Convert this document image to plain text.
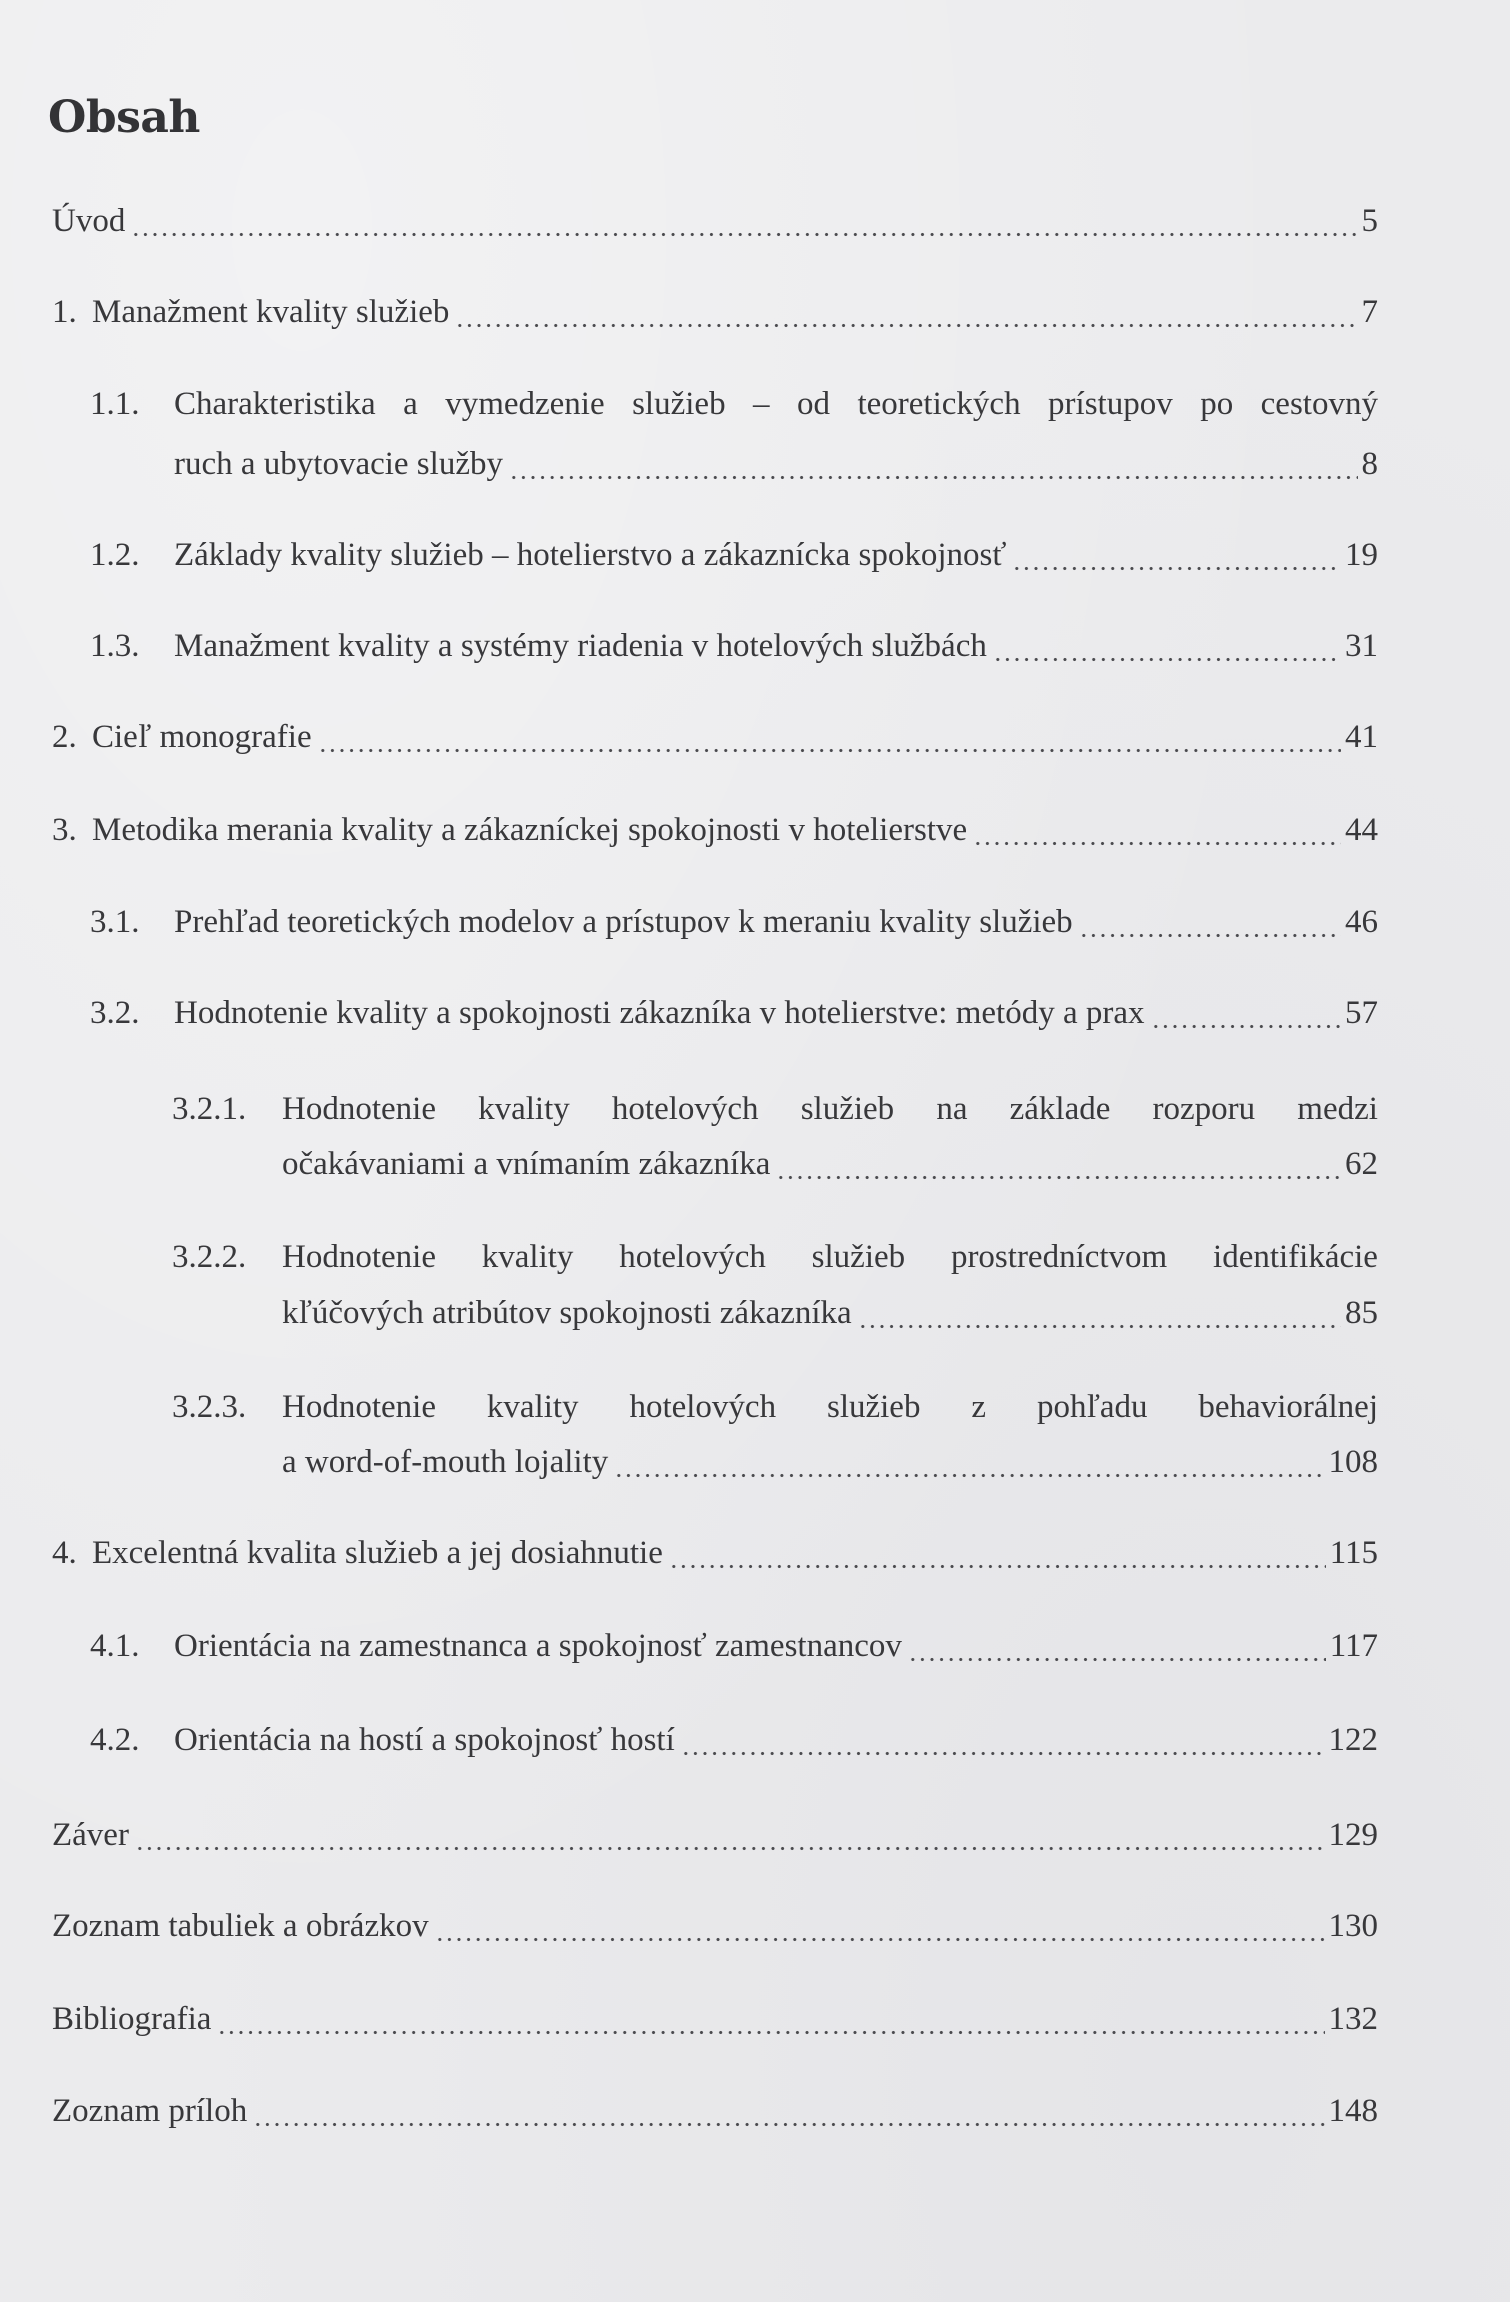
Obsah
Úvod	5
1. Manažment kvality služieb	7
1.1.	Charakteristika a vymedzenie služieb – od teoretických prístupov po cestovný
ruch a ubytovacie služby	8
1.2.	Základy kvality služieb – hotelierstvo a zákaznícka spokojnosť	19
1.3.	Manažment kvality a systémy riadenia v hotelových službách	31
2. Cieľ monografie	41
3. Metodika merania kvality a zákazníckej spokojnosti v hotelierstve	44
3.1.	Prehľad teoretických modelov a prístupov k meraniu kvality služieb	46
3.2.	Hodnotenie kvality a spokojnosti zákazníka v hotelierstve: metódy a prax	57
3.2.1.	Hodnotenie kvality hotelových služieb na základe rozporu medzi
očakávaniami a vnímaním zákazníka	62
3.2.2.	Hodnotenie kvality hotelových služieb prostredníctvom identifikácie
kľúčových atribútov spokojnosti zákazníka	85
3.2.3.	Hodnotenie kvality hotelových služieb z pohľadu behaviorálnej
a word-of-mouth lojality	108
4. Excelentná kvalita služieb a jej dosiahnutie	115
4.1.	Orientácia na zamestnanca a spokojnosť zamestnancov	117
4.2.	Orientácia na hostí a spokojnosť hostí	122
Záver	129
Zoznam tabuliek a obrázkov	130
Bibliografia	132
Zoznam príloh	148
